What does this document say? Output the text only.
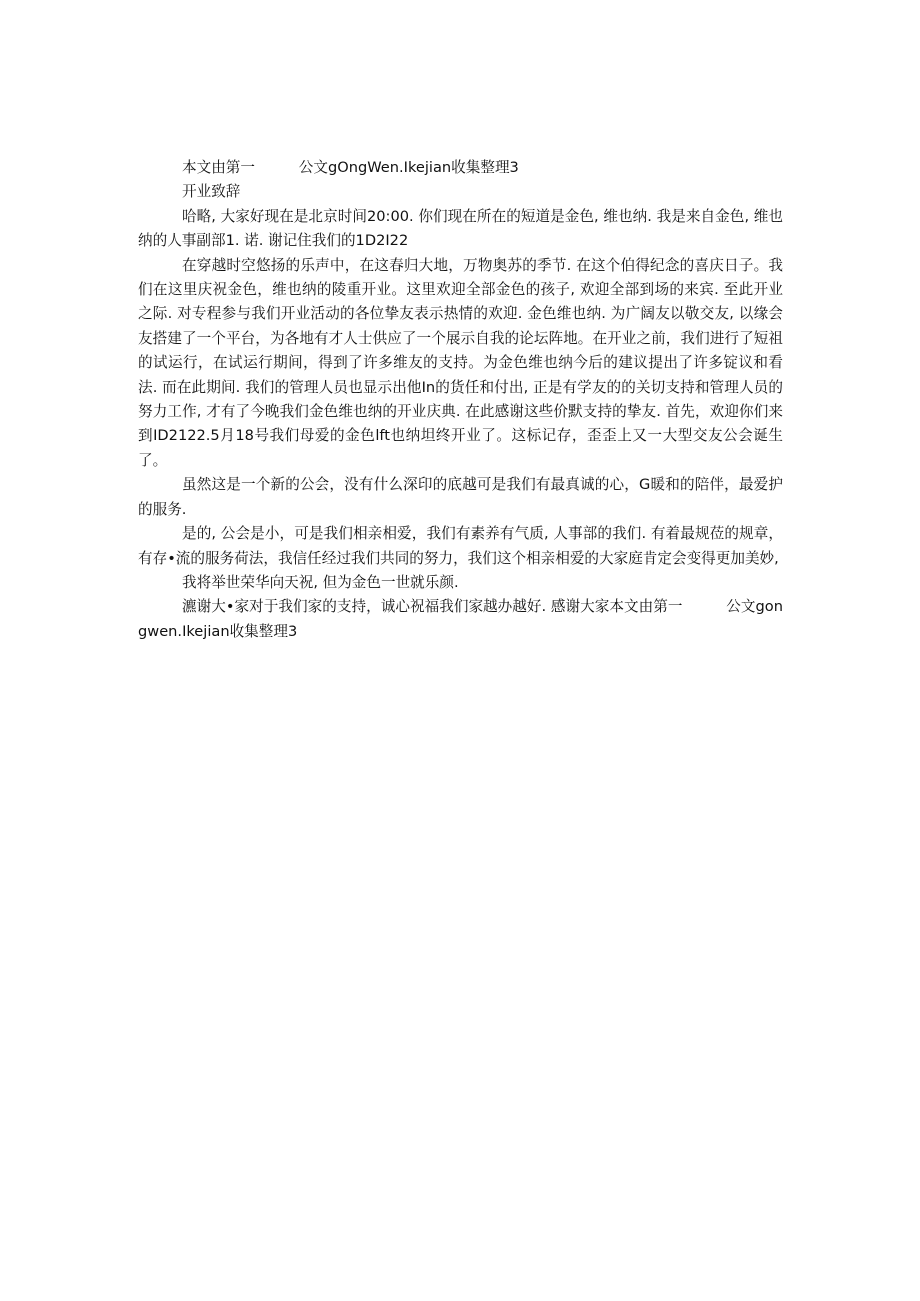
本文由第一　　　公文gOngWen.Ikejian收集整理3

开业致辞

哈略, 大家好现在是北京时间20:00. 你们现在所在的短道是金色, 维也纳. 我是来自金色, 维也纳的人事副部1. 诺. 谢记住我们的1D2I22

在穿越时空悠扬的乐声中，在这春归大地，万物奥苏的季节. 在这个伯得纪念的喜庆日子。我们在这里庆祝金色，维也纳的陵重开业。这里欢迎全部金色的孩子, 欢迎全部到场的来宾. 至此开业之际. 对专程参与我们开业活动的各位挚友表示热情的欢迎. 金色维也纳. 为广阔友以敬交友, 以缘会友搭建了一个平台，为各地有才人士供应了一个展示自我的论坛阵地。在开业之前，我们进行了短祖的试运行，在试运行期间，得到了许多维友的支持。为金色维也纳今后的建议提出了许多锭议和看法. 而在此期间. 我们的管理人员也显示出他In的货任和付出, 正是有学友的的关切支持和管理人员的努力工作, 才有了今晚我们金色维也纳的开业庆典. 在此感谢这些价默支持的挚友. 首先，欢迎你们来到ID2122.5月18号我们母爱的金色lft也纳坦终开业了。这标记存，歪歪上又一大型交友公会诞生了。

虽然这是一个新的公会，没有什么深印的底越可是我们有最真诚的心，G暖和的陪伴，最爱护的服务.

是的, 公会是小，可是我们相亲相爱，我们有素养有气质, 人事部的我们. 有着最规莅的规章，有存•流的服务荷法，我信任经过我们共同的努力，我们这个相亲相爱的大家庭肯定会变得更加美妙,

我将举世荣华向天祝, 但为金色一世就乐颜.

瀌谢大•家对于我们家的支持，诚心祝福我们家越办越好. 感谢大家本文由第一　　　公文gongwen.Ikejian收集整理3
